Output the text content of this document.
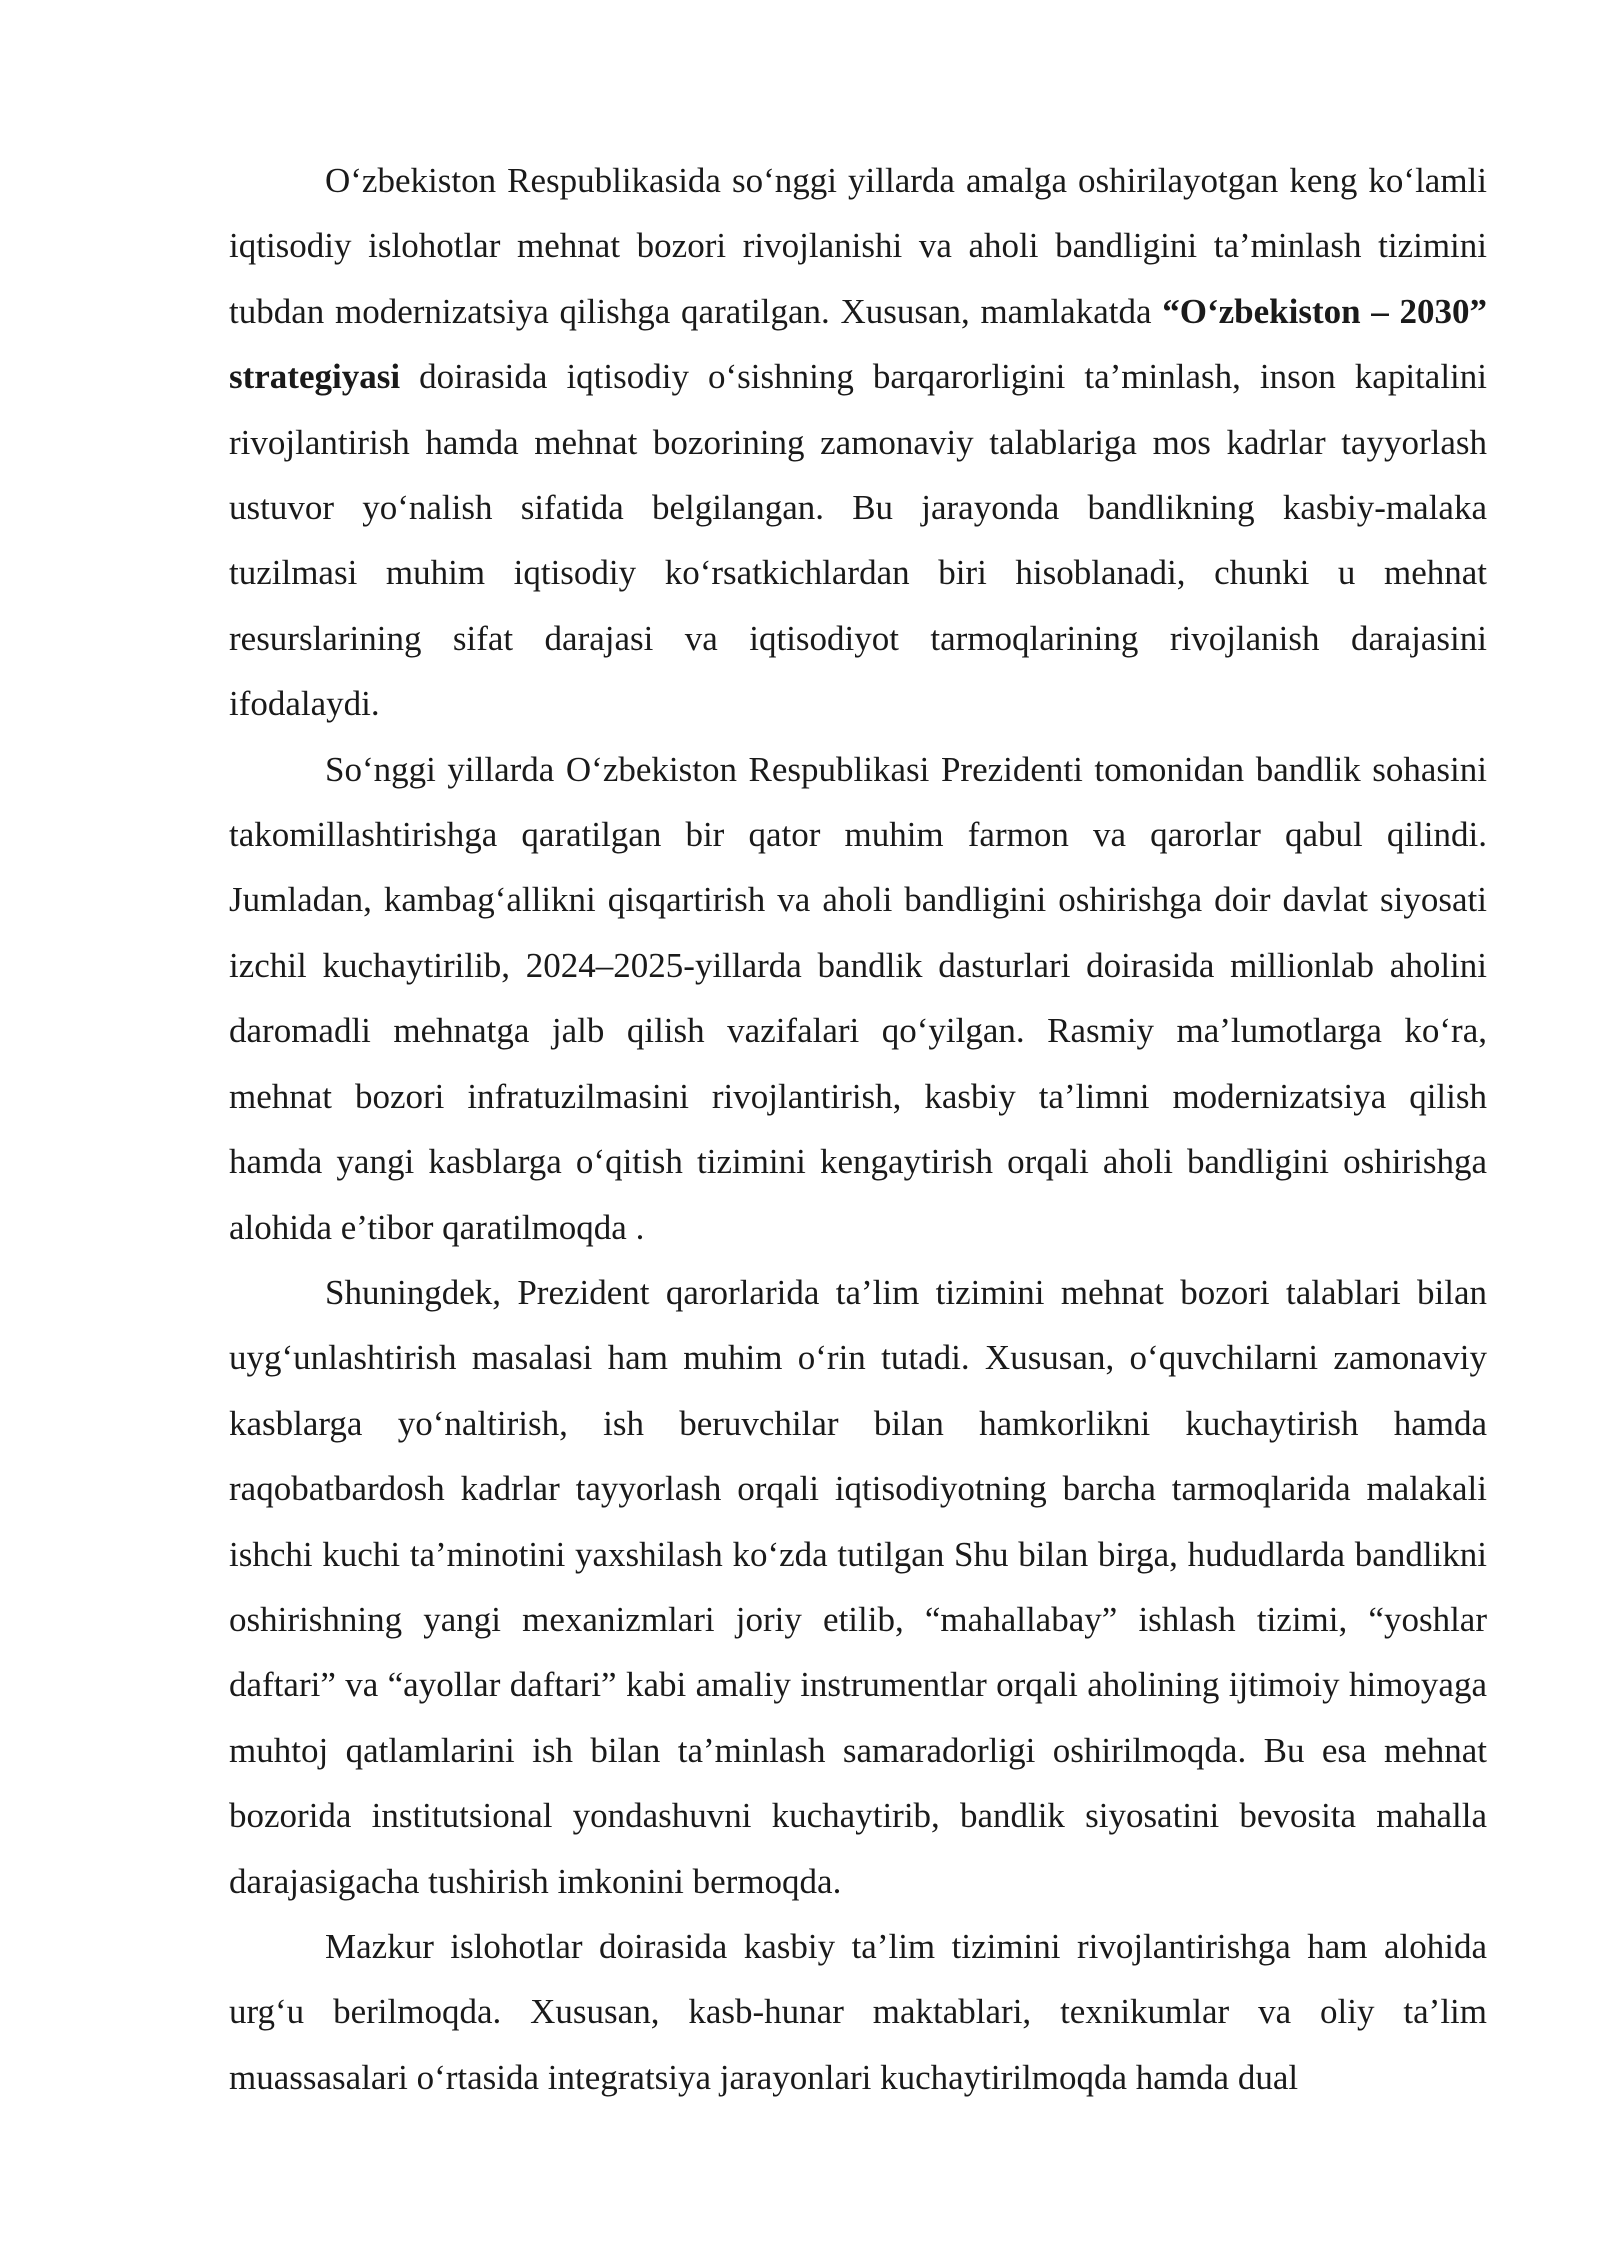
O‘zbekiston Respublikasida so‘nggi yillarda amalga oshirilayotgan keng ko‘lamli iqtisodiy islohotlar mehnat bozori rivojlanishi va aholi bandligini ta’minlash tizimini tubdan modernizatsiya qilishga qaratilgan. Xususan, mamlakatda “O‘zbekiston – 2030” strategiyasi doirasida iqtisodiy o‘sishning barqarorligini ta’minlash, inson kapitalini rivojlantirish hamda mehnat bozorining zamonaviy talablariga mos kadrlar tayyorlash ustuvor yo‘nalish sifatida belgilangan. Bu jarayonda bandlikning kasbiy-malaka tuzilmasi muhim iqtisodiy ko‘rsatkichlardan biri hisoblanadi, chunki u mehnat resurslarining sifat darajasi va iqtisodiyot tarmoqlarining rivojlanish darajasini ifodalaydi.

So‘nggi yillarda O‘zbekiston Respublikasi Prezidenti tomonidan bandlik sohasini takomillashtirishga qaratilgan bir qator muhim farmon va qarorlar qabul qilindi. Jumladan, kambag‘allikni qisqartirish va aholi bandligini oshirishga doir davlat siyosati izchil kuchaytirilib, 2024–2025-yillarda bandlik dasturlari doirasida millionlab aholini daromadli mehnatga jalb qilish vazifalari qo‘yilgan. Rasmiy ma’lumotlarga ko‘ra, mehnat bozori infratuzilmasini rivojlantirish, kasbiy ta’limni modernizatsiya qilish hamda yangi kasblarga o‘qitish tizimini kengaytirish orqali aholi bandligini oshirishga alohida e’tibor qaratilmoqda .

Shuningdek, Prezident qarorlarida ta’lim tizimini mehnat bozori talablari bilan uyg‘unlashtirish masalasi ham muhim o‘rin tutadi. Xususan, o‘quvchilarni zamonaviy kasblarga yo‘naltirish, ish beruvchilar bilan hamkorlikni kuchaytirish hamda raqobatbardosh kadrlar tayyorlash orqali iqtisodiyotning barcha tarmoqlarida malakali ishchi kuchi ta’minotini yaxshilash ko‘zda tutilgan Shu bilan birga, hududlarda bandlikni oshirishning yangi mexanizmlari joriy etilib, “mahallabay” ishlash tizimi, “yoshlar daftari” va “ayollar daftari” kabi amaliy instrumentlar orqali aholining ijtimoiy himoyaga muhtoj qatlamlarini ish bilan ta’minlash samaradorligi oshirilmoqda. Bu esa mehnat bozorida institutsional yondashuvni kuchaytirib, bandlik siyosatini bevosita mahalla darajasigacha tushirish imkonini bermoqda.

Mazkur islohotlar doirasida kasbiy ta’lim tizimini rivojlantirishga ham alohida urg‘u berilmoqda. Xususan, kasb-hunar maktablari, texnikumlar va oliy ta’lim muassasalari o‘rtasida integratsiya jarayonlari kuchaytirilmoqda hamda dual
